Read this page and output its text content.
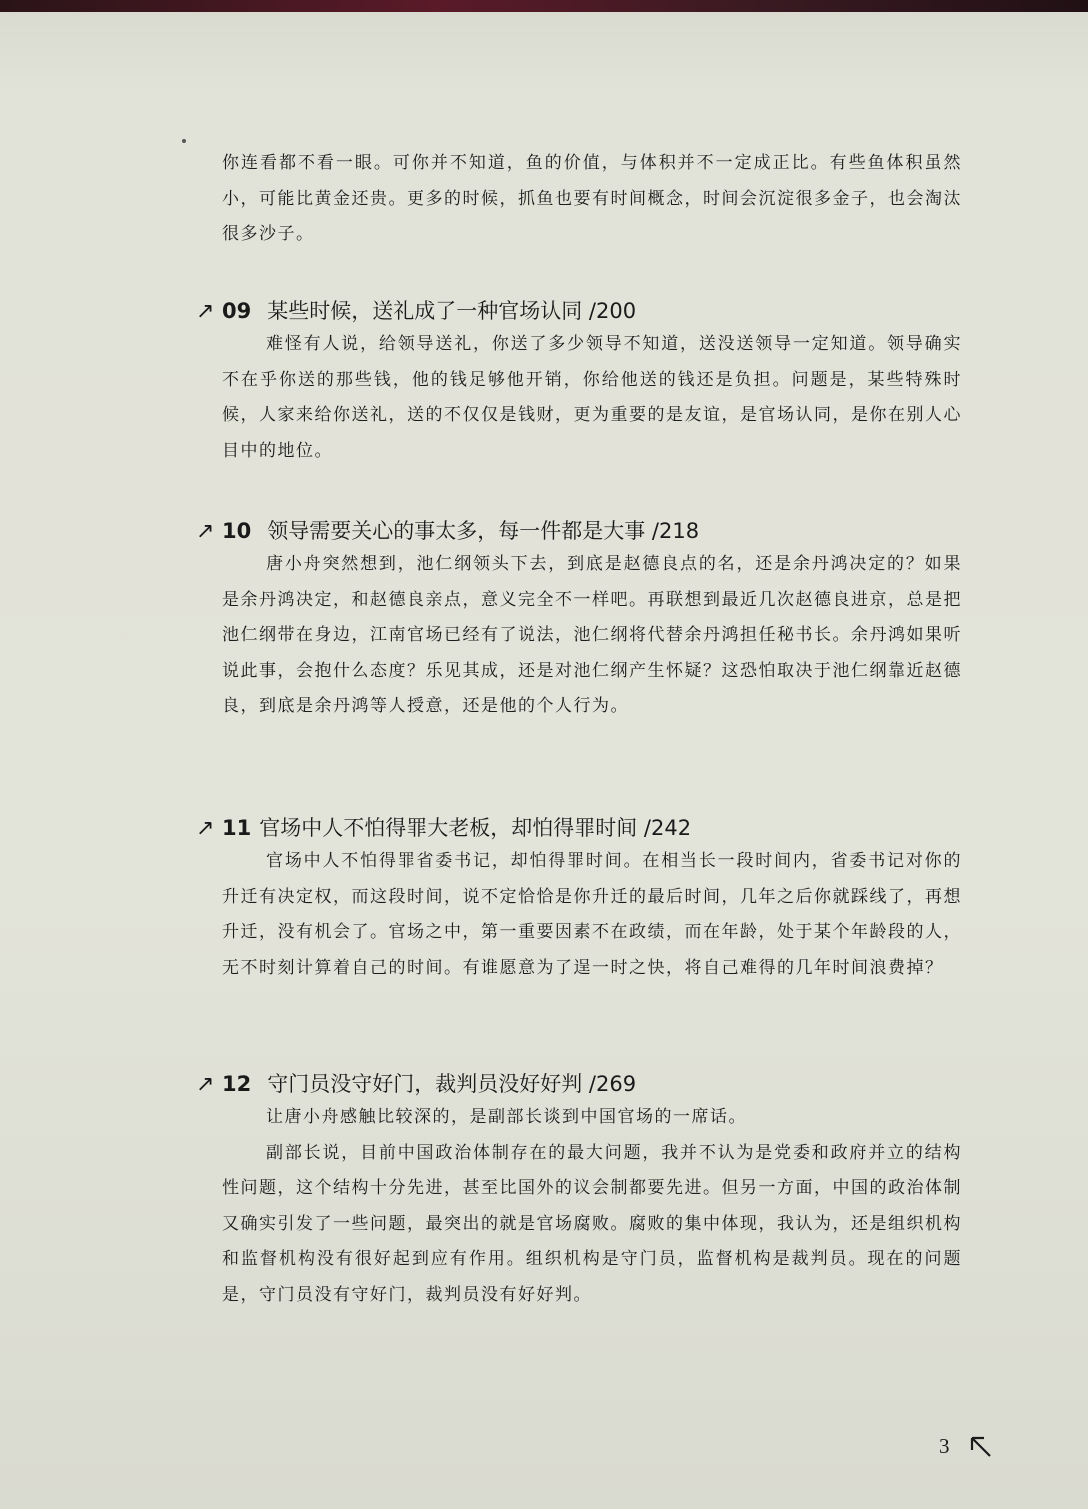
你连看都不看一眼。可你并不知道，鱼的价值，与体积并不一定成正比。有些鱼体积虽然小，可能比黄金还贵。更多的时候，抓鱼也要有时间概念，时间会沉淀很多金子，也会淘汰很多沙子。

↗ 09 某些时候，送礼成了一种官场认同 /200

难怪有人说，给领导送礼，你送了多少领导不知道，送没送领导一定知道。领导确实不在乎你送的那些钱，他的钱足够他开销，你给他送的钱还是负担。问题是，某些特殊时候，人家来给你送礼，送的不仅仅是钱财，更为重要的是友谊，是官场认同，是你在别人心目中的地位。

↗ 10 领导需要关心的事太多，每一件都是大事 /218

唐小舟突然想到，池仁纲领头下去，到底是赵德良点的名，还是余丹鸿决定的？如果是余丹鸿决定，和赵德良亲点，意义完全不一样吧。再联想到最近几次赵德良进京，总是把池仁纲带在身边，江南官场已经有了说法，池仁纲将代替余丹鸿担任秘书长。余丹鸿如果听说此事，会抱什么态度？乐见其成，还是对池仁纲产生怀疑？这恐怕取决于池仁纲靠近赵德良，到底是余丹鸿等人授意，还是他的个人行为。

↗ 11 官场中人不怕得罪大老板，却怕得罪时间 /242

官场中人不怕得罪省委书记，却怕得罪时间。在相当长一段时间内，省委书记对你的升迁有决定权，而这段时间，说不定恰恰是你升迁的最后时间，几年之后你就踩线了，再想升迁，没有机会了。官场之中，第一重要因素不在政绩，而在年龄，处于某个年龄段的人，无不时刻计算着自己的时间。有谁愿意为了逞一时之快，将自己难得的几年时间浪费掉？

↗ 12 守门员没守好门，裁判员没好好判 /269

让唐小舟感触比较深的，是副部长谈到中国官场的一席话。

副部长说，目前中国政治体制存在的最大问题，我并不认为是党委和政府并立的结构性问题，这个结构十分先进，甚至比国外的议会制都要先进。但另一方面，中国的政治体制又确实引发了一些问题，最突出的就是官场腐败。腐败的集中体现，我认为，还是组织机构和监督机构没有很好起到应有作用。组织机构是守门员，监督机构是裁判员。现在的问题是，守门员没有守好门，裁判员没有好好判。

3
